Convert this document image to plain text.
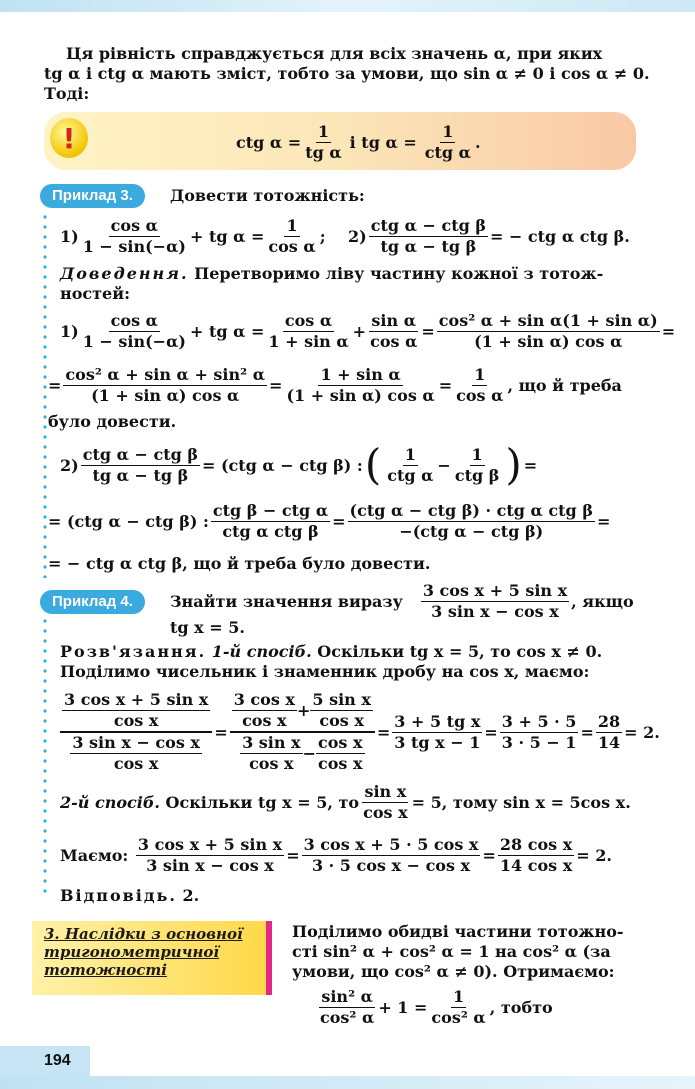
Ця рівність справджується для всіх значень α, при яких
tg α і ctg α мають зміст, тобто за умови, що sin α ≠ 0 і cos α ≠ 0.
Тоді:
!	ctg $\alpha = \frac{1}{\text{tg α}}$ і tg α =
1
ctg α
.
Приклад 3.	Довести тотожність:
1)
cos α
1 − sin(−α)
+ tg $\alpha = \frac{1}{\text{cos α}}$ ; 2)
ctg α − ctg β
tg α − tg β
= − ctg α ctg β.
Доведення. Перетворимо ліву частину кожної з тотож-
ностей:
1)
cos α
1 − sin(−α)
+ tg $\alpha = \frac{\text{cos α}}{\text{1 + sin α}} + \frac{\text{sin α}}{\text{cos α}} = \frac{\text{cos² α + sin α(1 + sin α)}}{\text{(1 + sin α) cos α}}$ =
= $\frac{\text{cos² α + sin α + sin² α}}{\text{(1 + sin α) cos α}} = \frac{\text{1 + sin α}}{\text{(1 + sin α) cos α}} = \frac{1}{\text{cos α}}$ , що й треба
було довести.
2)
ctg α − ctg β
tg α − tg β
= (ctg α − ctg β) : ( 1
ctg α
−
1
ctg β ) =
= (ctg α − ctg β) :
ctg β − ctg α
ctg α ctg β
=
(ctg α − ctg β) · ctg α ctg β
−(ctg α − ctg β)
=
= − ctg α ctg β, що й треба було довести.
Приклад 4.	Знайти значення виразу
3 cos x + 5 sin x
3 sin x − cos x
, якщо
tg x = 5.
Розв'язання. 1-й спосіб. Оскільки tg x = 5, то cos x ≠ 0.
Поділимо чисельник і знаменник дробу на cos x, маємо:
$\frac{\frac{\text{3 cos x + 5 sin x}}{\text{cos x}}}{\frac{\text{3 sin x − cos x}}{\text{cos x}}} = 3$ cos x
cos x
+ $\frac{\text{5 sin x}}{\text{cos x}}$
3 sin x
cos x
− $\frac{\text{cos x}}{\text{cos x}} = \frac{\text{3 + 5 tg x}}{\text{3 tg x − 1}} = \frac{3 + 5 \cdot 5}{3 \cdot 5 - 1} = \frac{28}{14} = 2$.
2-й спосіб.
Оскільки tg x = 5, то $\frac{\text{sin x}}{\text{cos x}} = 5$, тому sin x = 5cos x.
Маємо:
$\frac{\text{3 cos x + 5 sin x}}{\text{3 sin x − cos x}} = \frac{\text{3 cos x + 5 · 5 cos x}}{\text{3 · 5 cos x − cos x}} = \frac{\text{28 cos x}}{\text{14 cos x}} = 2$.
Відповідь. 2.
3. Наслідки з основної тригонометричної тотожності
Поділимо обидві частини тотожно-
сті sin² α + cos² α = 1 на cos² α (за
умови, що cos² α ≠ 0). Отримаємо:
sin² α
cos² α
+ $1 = \frac{1}{\text{cos² α}}$ , тобто
194
